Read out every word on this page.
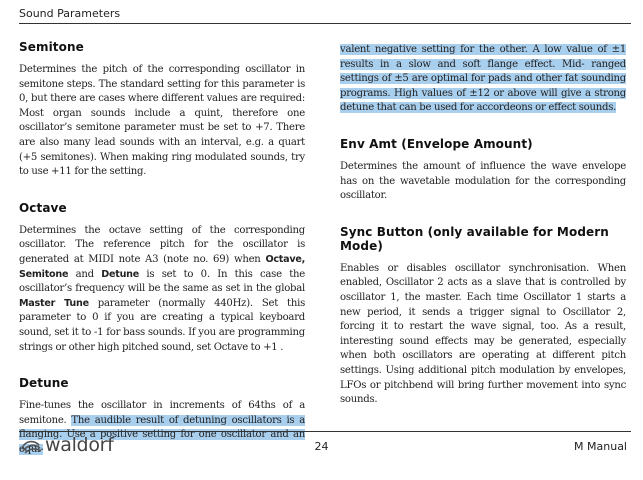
Sound Parameters
Semitone

Determines the pitch of the corresponding oscillator in semitone steps. The standard setting for this parameter is 0, but there are cases where different values are required: Most organ sounds include a quint, therefore one oscillator’s semitone parameter must be set to +7. There are also many lead sounds with an interval, e.g. a quart (+5 semitones). When making ring modulated sounds, try to use +11 for the setting.

Octave

Determines the octave setting of the corresponding oscillator. The reference pitch for the oscillator is generated at MIDI note A3 (note no. 69) when Octave, Semitone and Detune is set to 0. In this case the oscillator’s frequency will be the same as set in the global Master Tune parameter (normally 440Hz). Set this parameter to 0 if you are creating a typical keyboard sound, set it to -1 for bass sounds. If you are programming strings or other high pitched sound, set Octave to +1 .

Detune

Fine-tunes the oscillator in increments of 64ths of a semitone. The audible result of detuning oscillators is a flanging. Use a positive setting for one oscillator and an equi-

valent negative setting for the other. A low value of ±1 results in a slow and soft flange effect. Mid- ranged settings of ±5 are optimal for pads and other fat sounding programs. High values of ±12 or above will give a strong detune that can be used for accordeons or effect sounds.

Env Amt (Envelope Amount)

Determines the amount of influence the wave envelope has on the wavetable modulation for the corresponding oscillator.

Sync Button (only available for Modern Mode)

Enables or disables oscillator synchronisation. When enabled, Oscillator 2 acts as a slave that is controlled by oscillator 1, the master. Each time Oscillator 1 starts a new period, it sends a trigger signal to Oscillator 2, forcing it to restart the wave signal, too. As a result, interesting sound effects may be generated, especially when both oscillators are operating at different pitch settings. Using additional pitch modulation by envelopes, LFOs or pitchbend will bring further movement into sync sounds.

waldorf	24	M Manual
